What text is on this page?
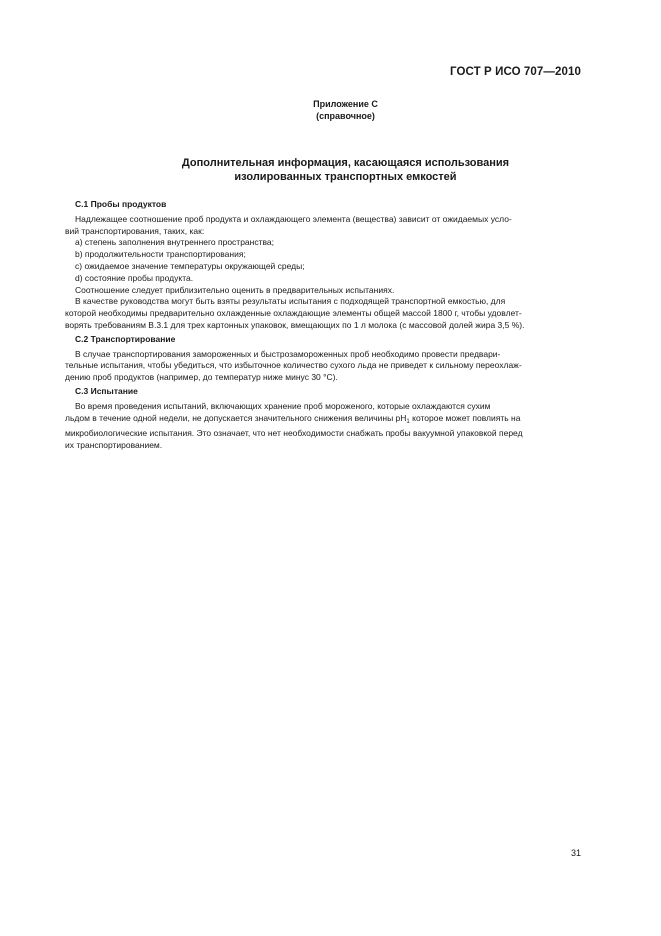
ГОСТ Р ИСО 707—2010
Приложение С
(справочное)
Дополнительная информация, касающаяся использования
изолированных транспортных емкостей
С.1 Пробы продуктов
Надлежащее соотношение проб продукта и охлаждающего элемента (вещества) зависит от ожидаемых усло-
вий транспортирования, таких, как:
a) степень заполнения внутреннего пространства;
b) продолжительности транспортирования;
c) ожидаемое значение температуры окружающей среды;
d) состояние пробы продукта.
Соотношение следует приблизительно оценить в предварительных испытаниях.
В качестве руководства могут быть взяты результаты испытания с подходящей транспортной емкостью, для
которой необходимы предварительно охлажденные охлаждающие элементы общей массой 1800 г, чтобы удовлет-
ворять требованиям В.3.1 для трех картонных упаковок, вмещающих по 1 л молока (с массовой долей жира 3,5 %).
С.2 Транспортирование
В случае транспортирования замороженных и быстрозамороженных проб необходимо провести предвари-
тельные испытания, чтобы убедиться, что избыточное количество сухого льда не приведет к сильному переохлаж-
дению проб продуктов (например, до температур ниже минус 30 °С).
С.3 Испытание
Во время проведения испытаний, включающих хранение проб мороженого, которые охлаждаются сухим
льдом в течение одной недели, не допускается значительного снижения величины $рН_1$ которое может повлиять на
микробиологические испытания. Это означает, что нет необходимости снабжать пробы вакуумной упаковкой перед
их транспортированием.
31
